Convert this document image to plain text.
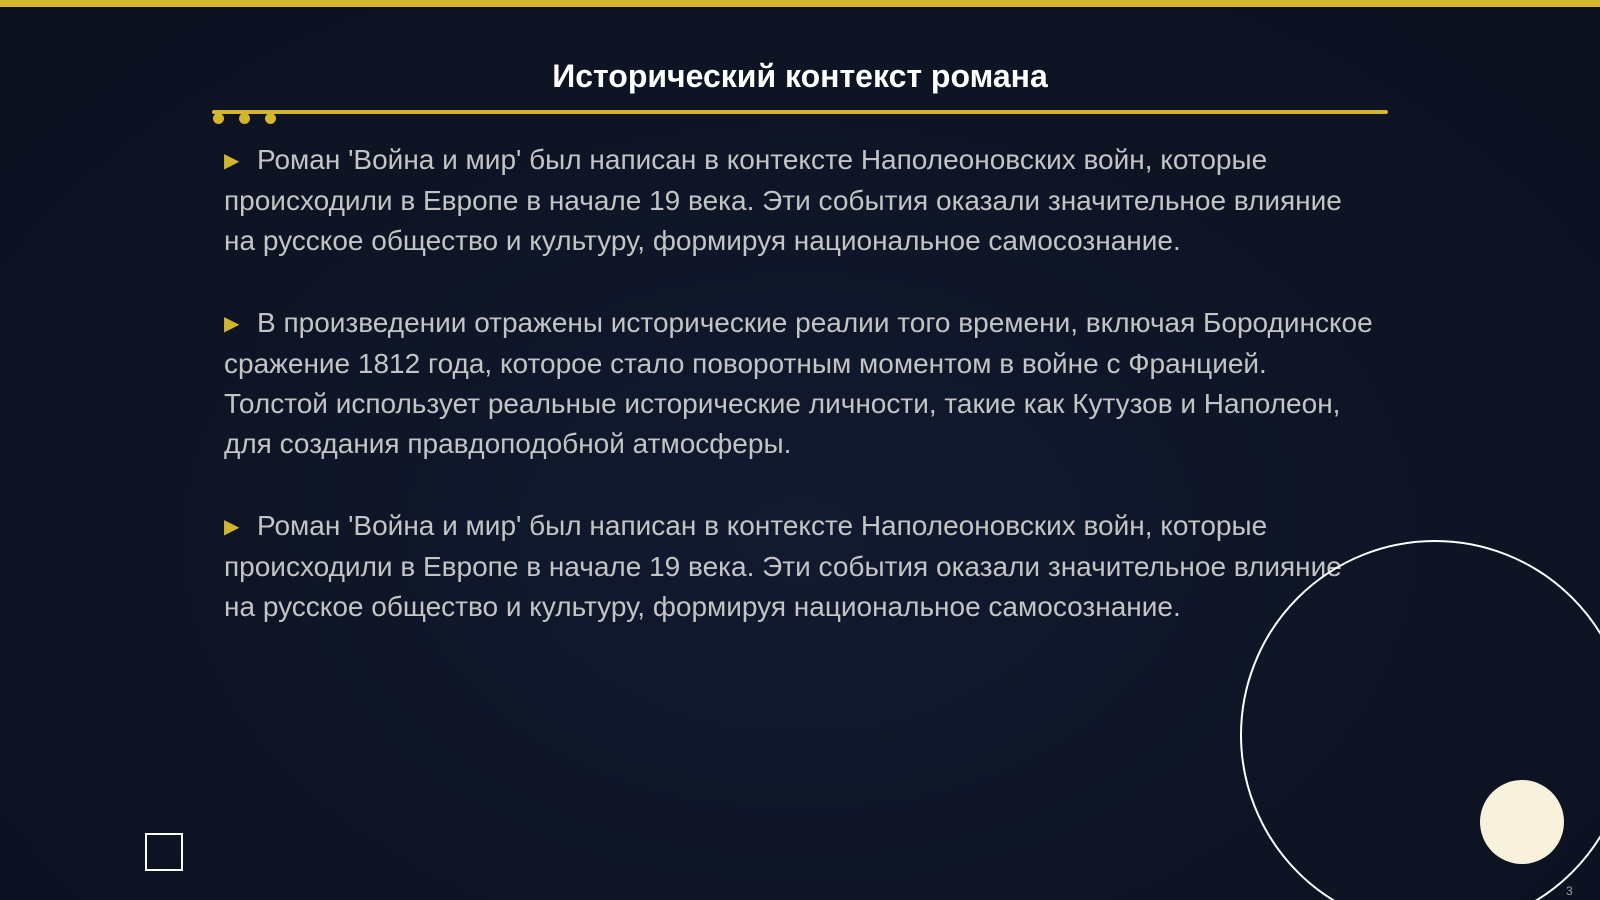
Исторический контекст романа

▶ Роман 'Война и мир' был написан в контексте Наполеоновских войн, которые происходили в Европе в начале 19 века. Эти события оказали значительное влияние на русское общество и культуру, формируя национальное самосознание.

▶ В произведении отражены исторические реалии того времени, включая Бородинское сражение 1812 года, которое стало поворотным моментом в войне с Францией. Толстой использует реальные исторические личности, такие как Кутузов и Наполеон, для создания правдоподобной атмосферы.

▶ Роман 'Война и мир' был написан в контексте Наполеоновских войн, которые происходили в Европе в начале 19 века. Эти события оказали значительное влияние на русское общество и культуру, формируя национальное самосознание.

3
